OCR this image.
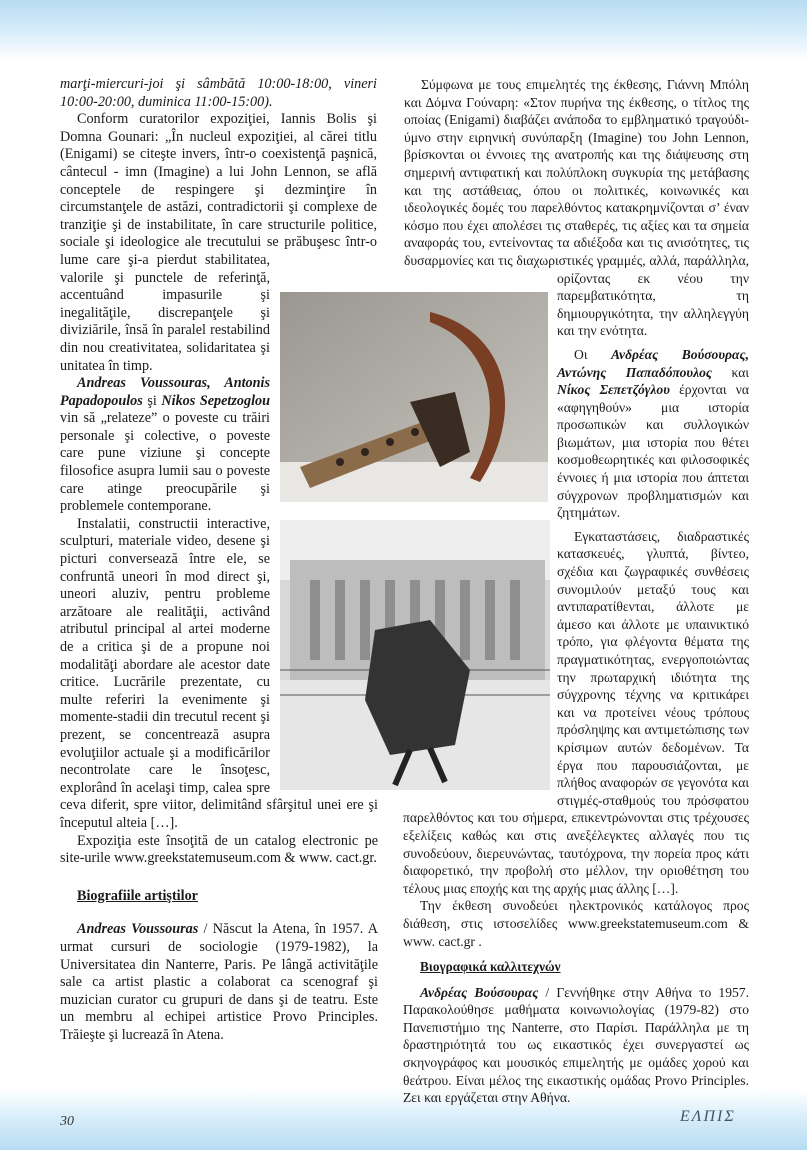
marţi-miercuri-joi şi sâmbătă 10:00-18:00, vineri 10:00-20:00, duminica 11:00-15:00).

Conform curatorilor expoziţiei, Iannis Bolis şi Domna Gounari: „În nucleul expoziţiei, al cărei titlu (Enigami) se citeşte invers, într-o coexistenţă paşnică, cântecul - imn (Imagine) a lui John Lennon, se află conceptele de respingere şi dezminţire în circumstanţele de astăzi, contradictorii şi complexe de tranziţie şi de instabilitate, în care structurile politice, sociale şi ideologice ale trecutului se prăbuşesc într-o lume care şi-a pierdut stabilitatea, valorile şi punctele de referinţă, accentuând impasurile şi inegalităţile, discrepanţele şi diviziările, însă în paralel restabilind din nou creativitatea, solidaritatea şi unitatea în timp.

Andreas Voussouras, Antonis Papadopoulos şi Nikos Sepetzoglou vin să „relateze” o poveste cu trăiri personale şi colective, o poveste care pune viziune şi concepte filosofice asupra lumii sau o poveste care atinge preocupările şi problemele contemporane.

Instalatii, constructii interactive, sculpturi, materiale video, desene şi picturi conversează între ele, se confruntă uneori în mod direct şi, uneori aluziv, pentru probleme arzătoare ale realităţii, activând atributul principal al artei moderne de a critica şi de a propune noi modalităţi abordare ale acestor date critice. Lucrările prezentate, cu multe referiri la evenimente şi momente-stadii din trecutul recent şi prezent, se concentrează asupra evoluţiilor actuale şi a modificărilor necontrolate care le însoţesc, explorând în acelaşi timp, calea spre ceva diferit, spre viitor, delimitând sfârşitul unei ere şi începutul alteia […].

Expoziţia este însoţită de un catalog electronic pe site-urile www.greekstatemuseum.com & www. cact.gr.

Biografiile artiştilor

Andreas Voussouras / Născut la Atena, în 1957. A urmat cursuri de sociologie (1979-1982), la Universitatea din Nanterre, Paris. Pe lângă activităţile sale ca artist plastic a colaborat ca scenograf şi muzician curator cu grupuri de dans şi de teatru. Este un membru al echipei artistice Provo Principles. Trăieşte şi lucrează în Atena.

Σύμφωνα με τους επιμελητές της έκθεσης, Γιάννη Μπόλη και Δόμνα Γούναρη: «Στον πυρήνα της έκθεσης, ο τίτλος της οποίας (Enigami) διαβάζει ανάποδα το εμβληματικό τραγούδι-ύμνο στην ειρηνική συνύπαρξη (Imagine) του John Lennon, βρίσκονται οι έννοιες της ανατροπής και της διάψευσης στη σημερινή αντιφατική και πολύπλοκη συγκυρία της μετάβασης και της αστάθειας, όπου οι πολιτικές, κοινωνικές και ιδεολογικές δομές του παρελθόντος κατακρημνίζονται σ’ έναν κόσμο που έχει απολέσει τις σταθερές, τις αξίες και τα σημεία αναφοράς του, εντείνοντας τα αδιέξοδα και τις ανισότητες, τις δυσαρμονίες και τις διαχωριστικές γραμμές, αλλά, παράλληλα, ορίζοντας εκ νέου την παρεμβατικότητα, τη δημιουργικότητα, την αλληλεγγύη και την ενότητα.

Οι Ανδρέας Βούσουρας, Αντώνης Παπαδόπουλος και Νίκος Σεπετζόγλου έρχονται να «αφηγηθούν» μια ιστορία προσωπικών και συλλογικών βιωμάτων, μια ιστορία που θέτει κοσμοθεωρητικές και φιλοσοφικές έννοιες ή μια ιστορία που άπτεται σύγχρονων προβληματισμών και ζητημάτων.

Εγκαταστάσεις, διαδραστικές κατασκευές, γλυπτά, βίντεο, σχέδια και ζωγραφικές συνθέσεις συνομιλούν μεταξύ τους και αντιπαρατίθενται, άλλοτε με άμεσο και άλλοτε με υπαινικτικό τρόπο, για φλέγοντα θέματα της πραγματικότητας, ενεργοποιώντας την πρωταρχική ιδιότητα της σύγχρονης τέχνης να κριτικάρει και να προτείνει νέους τρόπους πρόσληψης και αντιμετώπισης των κρίσιμων αυτών δεδομένων. Τα έργα που παρουσιάζονται, με πλήθος αναφορών σε γεγονότα και στιγμές-σταθμούς του πρόσφατου παρελθόντος και του σήμερα, επικεντρώνονται στις τρέχουσες εξελίξεις καθώς και στις ανεξέλεγκτες αλλαγές που τις συνοδεύουν, διερευνώντας, ταυτόχρονα, την πορεία προς κάτι διαφορετικό, την προβολή στο μέλλον, την οριοθέτηση του τέλους μιας εποχής και της αρχής μιας άλλης […].

Την έκθεση συνοδεύει ηλεκτρονικός κατάλογος προς διάθεση, στις ιστοσελίδες www.greekstatemuseum.com & www. cact.gr .

Βιογραφικά καλλιτεχνών

Ανδρέας Βούσουρας / Γεννήθηκε στην Αθήνα το 1957. Παρακολούθησε μαθήματα κοινωνιολογίας (1979-82) στο Πανεπιστήμιο της Nanterre, στο Παρίσι. Παράλληλα με τη δραστηριότητά του ως εικαστικός έχει συνεργαστεί ως σκηνογράφος και μουσικός επιμελητής με ομάδες χορού και θεάτρου. Είναι μέλος της εικαστικής ομάδας Provo Principles. Ζει και εργάζεται στην Αθήνα.

30	ΕΛΠΙΣ
